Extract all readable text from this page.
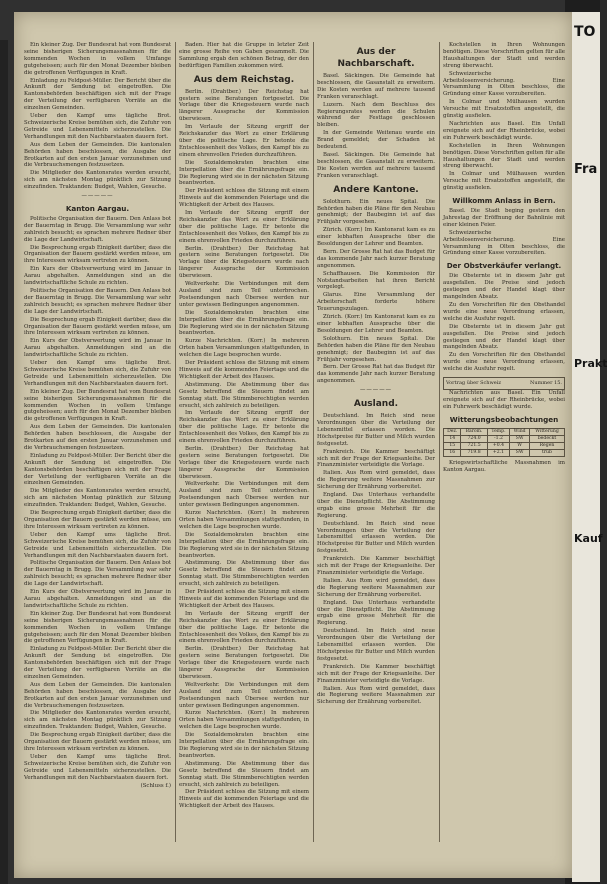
Ein kleiner Zug. Der Bundesrat hat vom Bundesrat seine bisherigen Sicherungsmassnahmen für die kommenden Wochen in vollem Umfange gutgeheissen; auch für den Monat Dezember bleiben die getroffenen Verfügungen in Kraft.

Einladung zu Feldpost-Müller. Der Bericht über die Ankunft der Sendung ist eingetroffen. Die Kantonsbehörden beschäftigen sich mit der Frage der Verteilung der verfügbaren Vorräte an die einzelnen Gemeinden.

Ueber den Kampf ums tägliche Brot. Schweizerische Kreise bemühen sich, die Zufuhr von Getreide und Lebensmitteln sicherzustellen. Die Verhandlungen mit den Nachbarstaaten dauern fort.

Aus dem Leben der Gemeinden. Die kantonalen Behörden haben beschlossen, die Ausgabe der Brotkarten auf den ersten Januar vorzunehmen und die Verbrauchsmengen festzusetzen.

Die Mitglieder des Kantonsrates werden ersucht, sich am nächsten Montag pünktlich zur Sitzung einzufinden. Traktanden: Budget, Wahlen, Gesuche.

—————
Kanton Aargau.

Politische Organisation der Bauern. Den Anlass bot der Bauerntag in Brugg. Die Versammlung war sehr zahlreich besucht; es sprachen mehrere Redner über die Lage der Landwirtschaft.

Die Besprechung ergab Einigkeit darüber, dass die Organisation der Bauern gestärkt werden müsse, um ihre Interessen wirksam vertreten zu können.

Ein Kurs der Obstverwertung wird im Januar in Aarau abgehalten. Anmeldungen sind an die landwirtschaftliche Schule zu richten.

Politische Organisation der Bauern. Den Anlass bot der Bauerntag in Brugg. Die Versammlung war sehr zahlreich besucht; es sprachen mehrere Redner über die Lage der Landwirtschaft.

Die Besprechung ergab Einigkeit darüber, dass die Organisation der Bauern gestärkt werden müsse, um ihre Interessen wirksam vertreten zu können.

Ein Kurs der Obstverwertung wird im Januar in Aarau abgehalten. Anmeldungen sind an die landwirtschaftliche Schule zu richten.

Ueber den Kampf ums tägliche Brot. Schweizerische Kreise bemühen sich, die Zufuhr von Getreide und Lebensmitteln sicherzustellen. Die Verhandlungen mit den Nachbarstaaten dauern fort.

Ein kleiner Zug. Der Bundesrat hat vom Bundesrat seine bisherigen Sicherungsmassnahmen für die kommenden Wochen in vollem Umfange gutgeheissen; auch für den Monat Dezember bleiben die getroffenen Verfügungen in Kraft.

Aus dem Leben der Gemeinden. Die kantonalen Behörden haben beschlossen, die Ausgabe der Brotkarten auf den ersten Januar vorzunehmen und die Verbrauchsmengen festzusetzen.

Einladung zu Feldpost-Müller. Der Bericht über die Ankunft der Sendung ist eingetroffen. Die Kantonsbehörden beschäftigen sich mit der Frage der Verteilung der verfügbaren Vorräte an die einzelnen Gemeinden.

Die Mitglieder des Kantonsrates werden ersucht, sich am nächsten Montag pünktlich zur Sitzung einzufinden. Traktanden: Budget, Wahlen, Gesuche.

Die Besprechung ergab Einigkeit darüber, dass die Organisation der Bauern gestärkt werden müsse, um ihre Interessen wirksam vertreten zu können.

Ueber den Kampf ums tägliche Brot. Schweizerische Kreise bemühen sich, die Zufuhr von Getreide und Lebensmitteln sicherzustellen. Die Verhandlungen mit den Nachbarstaaten dauern fort.

Politische Organisation der Bauern. Den Anlass bot der Bauerntag in Brugg. Die Versammlung war sehr zahlreich besucht; es sprachen mehrere Redner über die Lage der Landwirtschaft.

Ein Kurs der Obstverwertung wird im Januar in Aarau abgehalten. Anmeldungen sind an die landwirtschaftliche Schule zu richten.

Ein kleiner Zug. Der Bundesrat hat vom Bundesrat seine bisherigen Sicherungsmassnahmen für die kommenden Wochen in vollem Umfange gutgeheissen; auch für den Monat Dezember bleiben die getroffenen Verfügungen in Kraft.

Einladung zu Feldpost-Müller. Der Bericht über die Ankunft der Sendung ist eingetroffen. Die Kantonsbehörden beschäftigen sich mit der Frage der Verteilung der verfügbaren Vorräte an die einzelnen Gemeinden.

Aus dem Leben der Gemeinden. Die kantonalen Behörden haben beschlossen, die Ausgabe der Brotkarten auf den ersten Januar vorzunehmen und die Verbrauchsmengen festzusetzen.

Die Mitglieder des Kantonsrates werden ersucht, sich am nächsten Montag pünktlich zur Sitzung einzufinden. Traktanden: Budget, Wahlen, Gesuche.

Die Besprechung ergab Einigkeit darüber, dass die Organisation der Bauern gestärkt werden müsse, um ihre Interessen wirksam vertreten zu können.

Ueber den Kampf ums tägliche Brot. Schweizerische Kreise bemühen sich, die Zufuhr von Getreide und Lebensmitteln sicherzustellen. Die Verhandlungen mit den Nachbarstaaten dauern fort.

(Schluss f.)

Baden. Hier hat die Gruppe in letzter Zeit eine grosse Reihe von Gaben gesammelt. Die Sammlung ergab den schönen Betrag, der den bedürftigen Familien zukommen wird.

Aus dem Reichstag.

Berlin. (Drahtber.) Der Reichstag hat gestern seine Beratungen fortgesetzt. Die Vorlage über die Kriegssteuern wurde nach längerer Aussprache der Kommission überwiesen.

Im Verlaufe der Sitzung ergriff der Reichskanzler das Wort zu einer Erklärung über die politische Lage. Er betonte die Entschlossenheit des Volkes, den Kampf bis zu einem ehrenvollen Frieden durchzuführen.

Die Sozialdemokraten brachten eine Interpellation über die Ernährungsfrage ein. Die Regierung wird sie in der nächsten Sitzung beantworten.

Der Präsident schloss die Sitzung mit einem Hinweis auf die kommenden Feiertage und die Wichtigkeit der Arbeit des Hauses.

Im Verlaufe der Sitzung ergriff der Reichskanzler das Wort zu einer Erklärung über die politische Lage. Er betonte die Entschlossenheit des Volkes, den Kampf bis zu einem ehrenvollen Frieden durchzuführen.

Berlin. (Drahtber.) Der Reichstag hat gestern seine Beratungen fortgesetzt. Die Vorlage über die Kriegssteuern wurde nach längerer Aussprache der Kommission überwiesen.

Weltverkehr. Die Verbindungen mit dem Ausland sind zum Teil unterbrochen. Postsendungen nach Übersee werden nur unter gewissen Bedingungen angenommen.

Die Sozialdemokraten brachten eine Interpellation über die Ernährungsfrage ein. Die Regierung wird sie in der nächsten Sitzung beantworten.

Kurze Nachrichten. (Korr.) In mehreren Orten haben Versammlungen stattgefunden, in welchen die Lage besprochen wurde.

Der Präsident schloss die Sitzung mit einem Hinweis auf die kommenden Feiertage und die Wichtigkeit der Arbeit des Hauses.

Abstimmung. Die Abstimmung über das Gesetz betreffend die Steuern findet am Sonntag statt. Die Stimmberechtigten werden ersucht, sich zahlreich zu beteiligen.

Im Verlaufe der Sitzung ergriff der Reichskanzler das Wort zu einer Erklärung über die politische Lage. Er betonte die Entschlossenheit des Volkes, den Kampf bis zu einem ehrenvollen Frieden durchzuführen.

Berlin. (Drahtber.) Der Reichstag hat gestern seine Beratungen fortgesetzt. Die Vorlage über die Kriegssteuern wurde nach längerer Aussprache der Kommission überwiesen.

Weltverkehr. Die Verbindungen mit dem Ausland sind zum Teil unterbrochen. Postsendungen nach Übersee werden nur unter gewissen Bedingungen angenommen.

Kurze Nachrichten. (Korr.) In mehreren Orten haben Versammlungen stattgefunden, in welchen die Lage besprochen wurde.

Die Sozialdemokraten brachten eine Interpellation über die Ernährungsfrage ein. Die Regierung wird sie in der nächsten Sitzung beantworten.

Abstimmung. Die Abstimmung über das Gesetz betreffend die Steuern findet am Sonntag statt. Die Stimmberechtigten werden ersucht, sich zahlreich zu beteiligen.

Der Präsident schloss die Sitzung mit einem Hinweis auf die kommenden Feiertage und die Wichtigkeit der Arbeit des Hauses.

Im Verlaufe der Sitzung ergriff der Reichskanzler das Wort zu einer Erklärung über die politische Lage. Er betonte die Entschlossenheit des Volkes, den Kampf bis zu einem ehrenvollen Frieden durchzuführen.

Berlin. (Drahtber.) Der Reichstag hat gestern seine Beratungen fortgesetzt. Die Vorlage über die Kriegssteuern wurde nach längerer Aussprache der Kommission überwiesen.

Weltverkehr. Die Verbindungen mit dem Ausland sind zum Teil unterbrochen. Postsendungen nach Übersee werden nur unter gewissen Bedingungen angenommen.

Kurze Nachrichten. (Korr.) In mehreren Orten haben Versammlungen stattgefunden, in welchen die Lage besprochen wurde.

Die Sozialdemokraten brachten eine Interpellation über die Ernährungsfrage ein. Die Regierung wird sie in der nächsten Sitzung beantworten.

Abstimmung. Die Abstimmung über das Gesetz betreffend die Steuern findet am Sonntag statt. Die Stimmberechtigten werden ersucht, sich zahlreich zu beteiligen.

Der Präsident schloss die Sitzung mit einem Hinweis auf die kommenden Feiertage und die Wichtigkeit der Arbeit des Hauses.

Aus der Nachbarschaft.

Basel. Säckingen. Die Gemeinde hat beschlossen, die Gasanstalt zu erweitern. Die Kosten werden auf mehrere tausend Franken veranschlagt.

Luzern. Nach dem Beschluss des Regierungsrates werden die Schulen während der Festtage geschlossen bleiben.

In der Gemeinde Weitenau wurde ein Brand gemeldet; der Schaden ist bedeutend.

Basel. Säckingen. Die Gemeinde hat beschlossen, die Gasanstalt zu erweitern. Die Kosten werden auf mehrere tausend Franken veranschlagt.

Andere Kantone.

Solothurn. Ein neues Spital. Die Behörden haben die Pläne für den Neubau genehmigt; der Baubeginn ist auf das Frühjahr vorgesehen.

Zürich. (Korr.) Im Kantonsrat kam es zu einer lebhaften Aussprache über die Besoldungen der Lehrer und Beamten.

Bern. Der Grosse Rat hat das Budget für das kommende Jahr nach kurzer Beratung angenommen.

Schaffhausen. Die Kommission für Notstandsarbeiten hat ihren Bericht vorgelegt.

Glarus. Eine Versammlung der Arbeiterschaft forderte höhere Teuerungszulagen.

Zürich. (Korr.) Im Kantonsrat kam es zu einer lebhaften Aussprache über die Besoldungen der Lehrer und Beamten.

Solothurn. Ein neues Spital. Die Behörden haben die Pläne für den Neubau genehmigt; der Baubeginn ist auf das Frühjahr vorgesehen.

Bern. Der Grosse Rat hat das Budget für das kommende Jahr nach kurzer Beratung angenommen.

—————
Ausland.

Deutschland. Im Reich sind neue Verordnungen über die Verteilung der Lebensmittel erlassen worden. Die Höchstpreise für Butter und Milch wurden festgesetzt.

Frankreich. Die Kammer beschäftigt sich mit der Frage der Kriegsanleihe. Der Finanzminister verteidigte die Vorlage.

Italien. Aus Rom wird gemeldet, dass die Regierung weitere Massnahmen zur Sicherung der Ernährung vorbereitet.

England. Das Unterhaus verhandelte über die Dienstpflicht. Die Abstimmung ergab eine grosse Mehrheit für die Regierung.

Deutschland. Im Reich sind neue Verordnungen über die Verteilung der Lebensmittel erlassen worden. Die Höchstpreise für Butter und Milch wurden festgesetzt.

Frankreich. Die Kammer beschäftigt sich mit der Frage der Kriegsanleihe. Der Finanzminister verteidigte die Vorlage.

Italien. Aus Rom wird gemeldet, dass die Regierung weitere Massnahmen zur Sicherung der Ernährung vorbereitet.

England. Das Unterhaus verhandelte über die Dienstpflicht. Die Abstimmung ergab eine grosse Mehrheit für die Regierung.

Deutschland. Im Reich sind neue Verordnungen über die Verteilung der Lebensmittel erlassen worden. Die Höchstpreise für Butter und Milch wurden festgesetzt.

Frankreich. Die Kammer beschäftigt sich mit der Frage der Kriegsanleihe. Der Finanzminister verteidigte die Vorlage.

Italien. Aus Rom wird gemeldet, dass die Regierung weitere Massnahmen zur Sicherung der Ernährung vorbereitet.

Kochstellen in Ihren Wohnungen benötigen. Diese Vorschriften gelten für alle Haushaltungen der Stadt und werden streng überwacht.

Schweizerische Arbeitslosenversicherung. Eine Versammlung in Olten beschloss, die Gründung einer Kasse vorzubereiten.

In Colmar und Mülhausen wurden Versuche mit Ersatzstoffen angestellt, die günstig ausfielen.

Nachrichten aus Basel. Ein Unfall ereignete sich auf der Rheinbrücke, wobei ein Fuhrwerk beschädigt wurde.

Kochstellen in Ihren Wohnungen benötigen. Diese Vorschriften gelten für alle Haushaltungen der Stadt und werden streng überwacht.

In Colmar und Mülhausen wurden Versuche mit Ersatzstoffen angestellt, die günstig ausfielen.

Willkomm Anlass in Bern.

Basel. Die Stadt beging gestern den Jahrestag der Eröffnung der Bahnlinie mit einer kleinen Feier.

Schweizerische Arbeitslosenversicherung. Eine Versammlung in Olten beschloss, die Gründung einer Kasse vorzubereiten.

Der Obstverkäufer verlangt.

Die Obsternte ist in diesem Jahr gut ausgefallen. Die Preise sind jedoch gestiegen und der Handel klagt über mangelnden Absatz.

Zu den Vorschriften für den Obsthandel wurde eine neue Verordnung erlassen, welche die Ausfuhr regelt.

Die Obsternte ist in diesem Jahr gut ausgefallen. Die Preise sind jedoch gestiegen und der Handel klagt über mangelnden Absatz.

Zu den Vorschriften für den Obsthandel wurde eine neue Verordnung erlassen, welche die Ausfuhr regelt.

Vortrag über Schweiz	Nummer 15.

Nachrichten aus Basel. Ein Unfall ereignete sich auf der Rheinbrücke, wobei ein Fuhrwerk beschädigt wurde.

Witterungsbeobachtungen
Dez.	Barom.	Temp.	Wind	Witterung
14	724.0	-1.2	SW	bedeckt
15	721.5	+0.4	W	Regen
16	719.8	+2.1	SW	trüb

Kriegswirtschaftliche Massnahmen im Kanton Aargau.

TO
Fra
Prakt
Kauf
